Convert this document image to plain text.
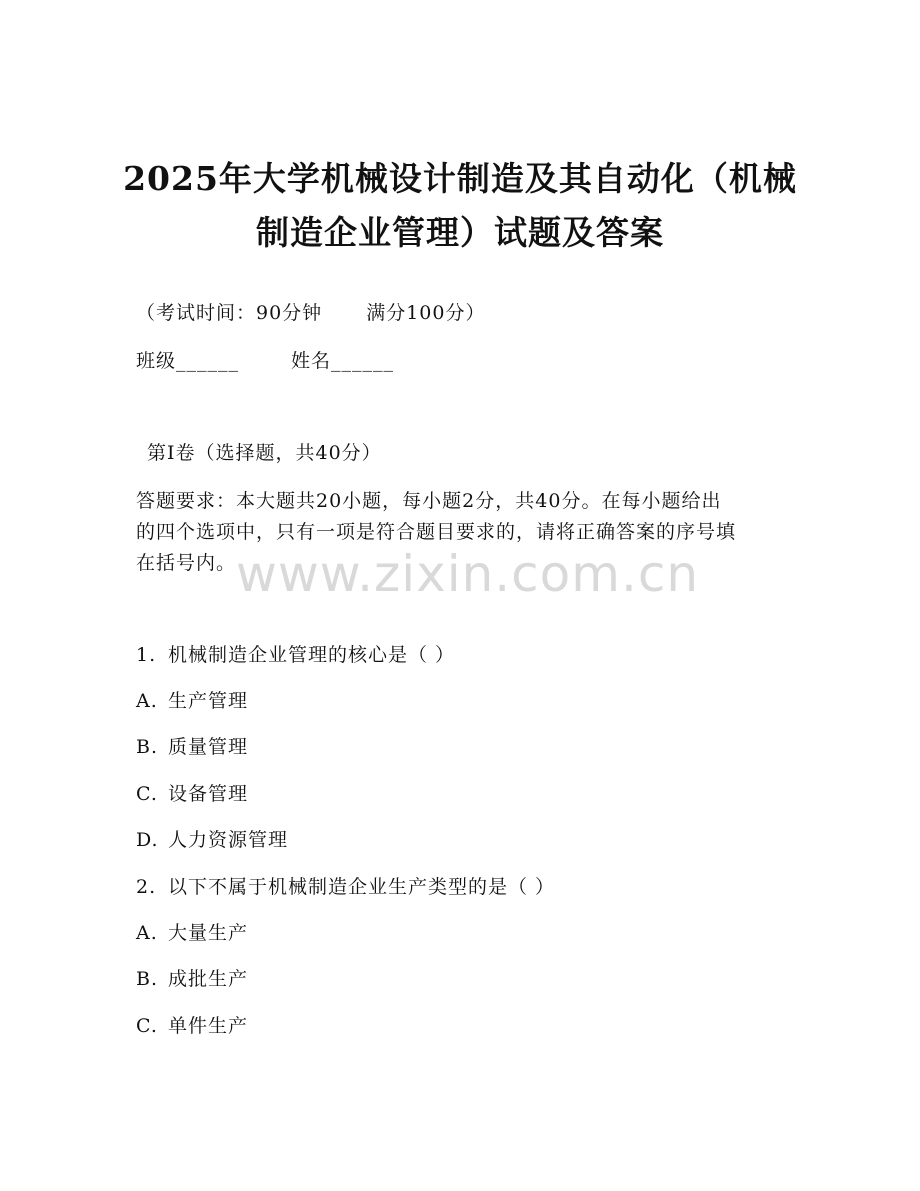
2025年大学机械设计制造及其自动化（机械
制造企业管理）试题及答案
（考试时间：90分钟 满分100分）
班级______	姓名______
第Ⅰ卷（选择题，共40分）
答题要求：本大题共20小题，每小题2分，共40分。在每小题给出
的四个选项中，只有一项是符合题目要求的，请将正确答案的序号填
在括号内。 www.zixin.com.cn
1. 机械制造企业管理的核心是（ ）
A. 生产管理
B. 质量管理
C. 设备管理
D. 人力资源管理
2. 以下不属于机械制造企业生产类型的是（ ）
A. 大量生产
B. 成批生产
C. 单件生产
